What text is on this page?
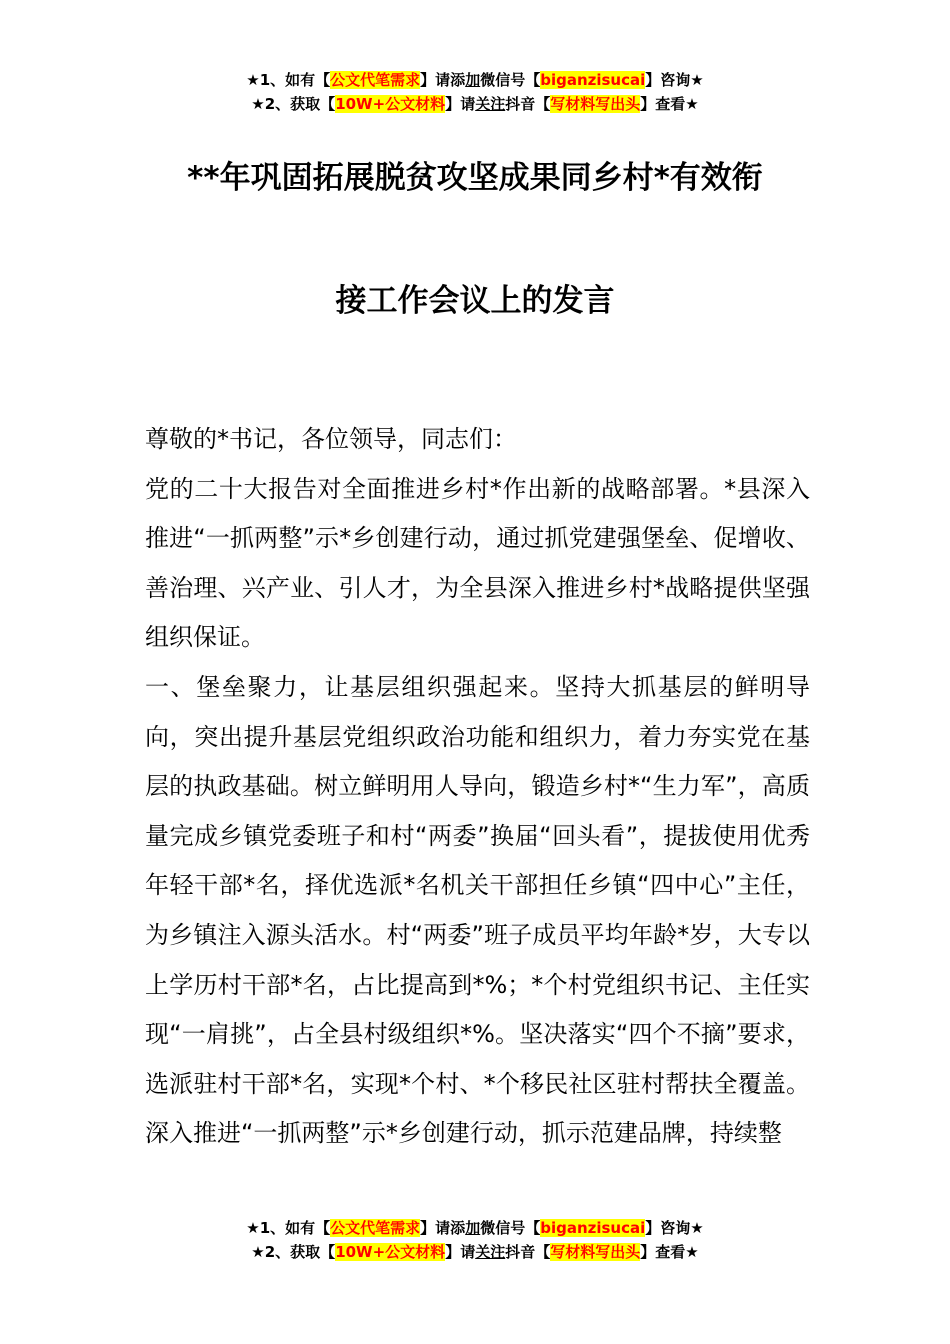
★1、如有【公文代笔需求】请添加微信号【biganzisucai】咨询★
★2、获取【10W+公文材料】请关注抖音【写材料写出头】查看★
**年巩固拓展脱贫攻坚成果同乡村*有效衔
接工作会议上的发言

尊敬的*书记，各位领导，同志们：

党的二十大报告对全面推进乡村*作出新的战略部署。*县深入推进“一抓两整”示*乡创建行动，通过抓党建强堡垒、促增收、善治理、兴产业、引人才，为全县深入推进乡村*战略提供坚强组织保证。

一、堡垒聚力，让基层组织强起来。坚持大抓基层的鲜明导向，突出提升基层党组织政治功能和组织力，着力夯实党在基层的执政基础。树立鲜明用人导向，锻造乡村*“生力军”，高质量完成乡镇党委班子和村“两委”换届“回头看”，提拔使用优秀年轻干部*名，择优选派*名机关干部担任乡镇“四中心”主任，为乡镇注入源头活水。村“两委”班子成员平均年龄*岁，大专以上学历村干部*名，占比提高到*%；*个村党组织书记、主任实现“一肩挑”，占全县村级组织*%。坚决落实“四个不摘”要求，选派驻村干部*名，实现*个村、*个移民社区驻村帮扶全覆盖。深入推进“一抓两整”示*乡创建行动，抓示范建品牌，持续整

★1、如有【公文代笔需求】请添加微信号【biganzisucai】咨询★
★2、获取【10W+公文材料】请关注抖音【写材料写出头】查看★
